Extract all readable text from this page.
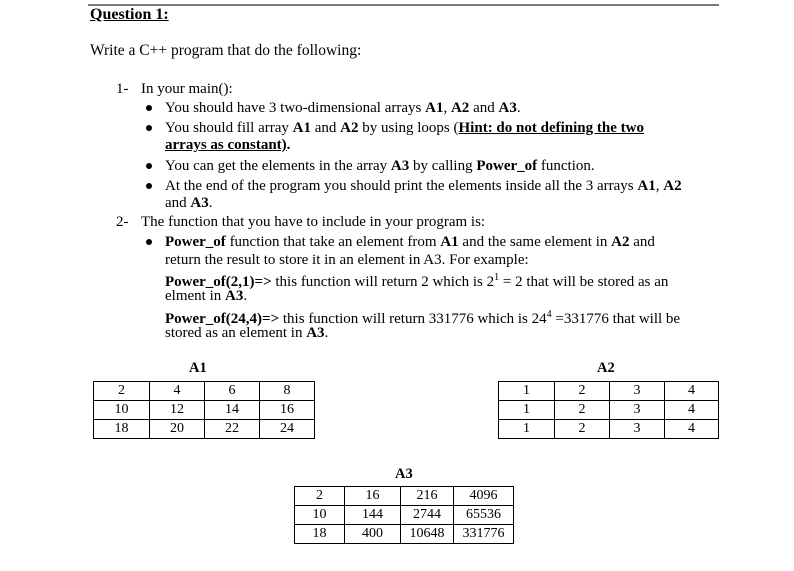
Question 1:
Write a C++ program that do the following:
1- In your main():
You should have 3 two-dimensional arrays A1, A2 and A3.
You should fill array A1 and A2 by using loops (Hint: do not defining the two
arrays as constant).
You can get the elements in the array A3 by calling Power_of function.
At the end of the program you should print the elements inside all the 3 arrays A1, A2
and A3.
2- The function that you have to include in your program is:
Power_of function that take an element from A1 and the same element in A2 and
return the result to store it in an element in A3. For example:
Power_of(2,1)=> this function will return 2 which is $2^1 = 2$ that will be stored as an
elment in A3.
Power_of(24,4)=> this function will return 331776 which is $24^4 =331776$ that will be
stored as an element in A3.
A1	A2
A3
2	4	6	8
10	12	14	16
18	20	22	24
1	2	3	4
1	2	3	4
1	2	3	4
2	16	216	4096
10	144	2744	65536
18	400	10648	331776
